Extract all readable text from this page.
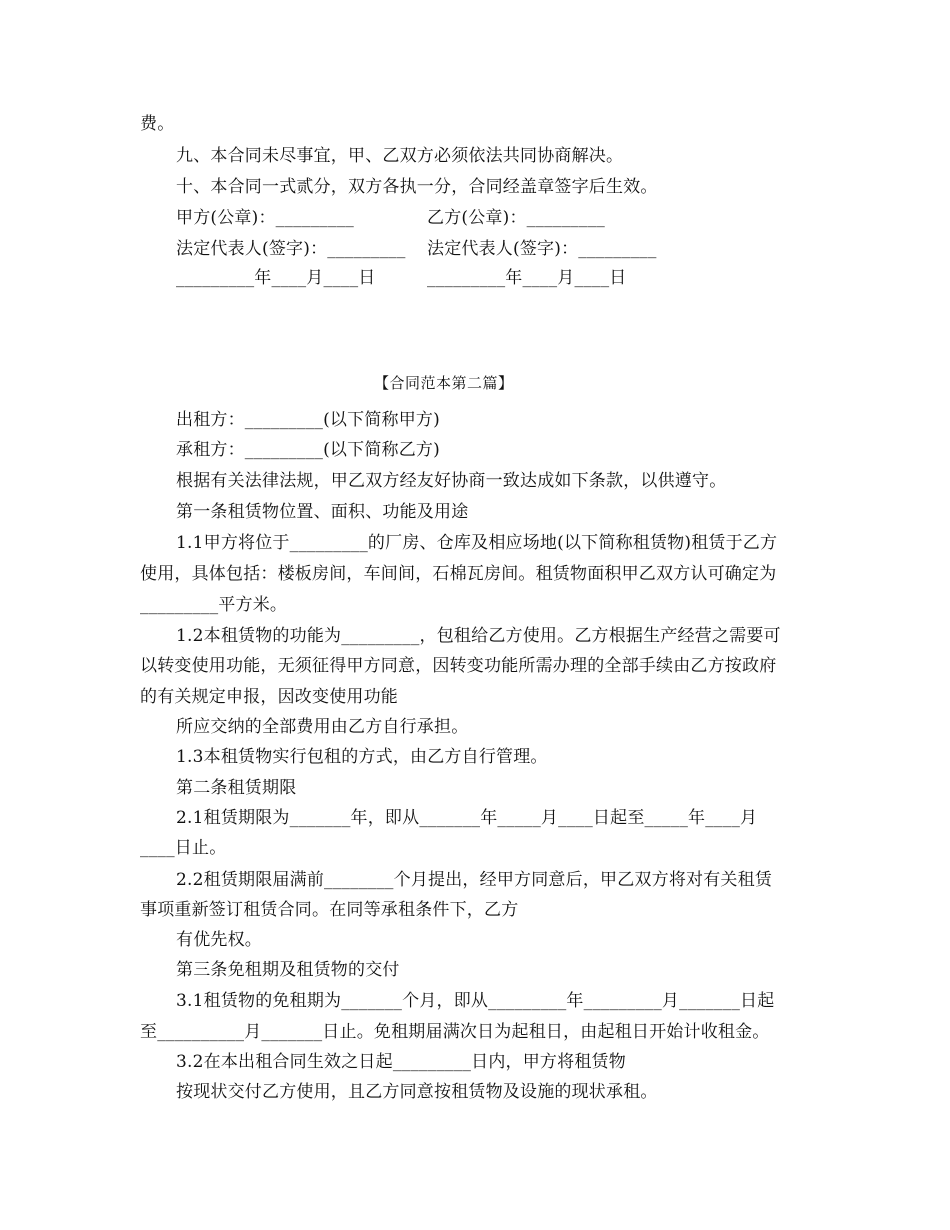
费。
九、本合同未尽事宜，甲、乙双方必须依法共同协商解决。
十、本合同一式贰分，双方各执一分，合同经盖章签字后生效。
甲方(公章)：_________	乙方(公章)：_________
法定代表人(签字)：_________ 法定代表人(签字)：_________
_________年____月____日	_________年____月____日
【合同范本第二篇】
出租方：_________(以下简称甲方)
承租方：_________(以下简称乙方)
根据有关法律法规，甲乙双方经友好协商一致达成如下条款，以供遵守。
第一条租赁物位置、面积、功能及用途
1.1甲方将位于_________的厂房、仓库及相应场地(以下简称租赁物)租赁于乙方
使用，具体包括：楼板房间，车间间，石棉瓦房间。租赁物面积甲乙双方认可确定为
_________平方米。
1.2本租赁物的功能为_________，包租给乙方使用。乙方根据生产经营之需要可
以转变使用功能，无须征得甲方同意，因转变功能所需办理的全部手续由乙方按政府
的有关规定申报，因改变使用功能
所应交纳的全部费用由乙方自行承担。
1.3本租赁物实行包租的方式，由乙方自行管理。
第二条租赁期限
2.1租赁期限为_______年，即从_______年_____月____日起至_____年____月
____日止。
2.2租赁期限届满前________个月提出，经甲方同意后，甲乙双方将对有关租赁
事项重新签订租赁合同。在同等承租条件下，乙方
有优先权。
第三条免租期及租赁物的交付
3.1租赁物的免租期为_______个月，即从_________年_________月_______日起
至__________月_______日止。免租期届满次日为起租日，由起租日开始计收租金。
3.2在本出租合同生效之日起_________日内，甲方将租赁物
按现状交付乙方使用，且乙方同意按租赁物及设施的现状承租。
